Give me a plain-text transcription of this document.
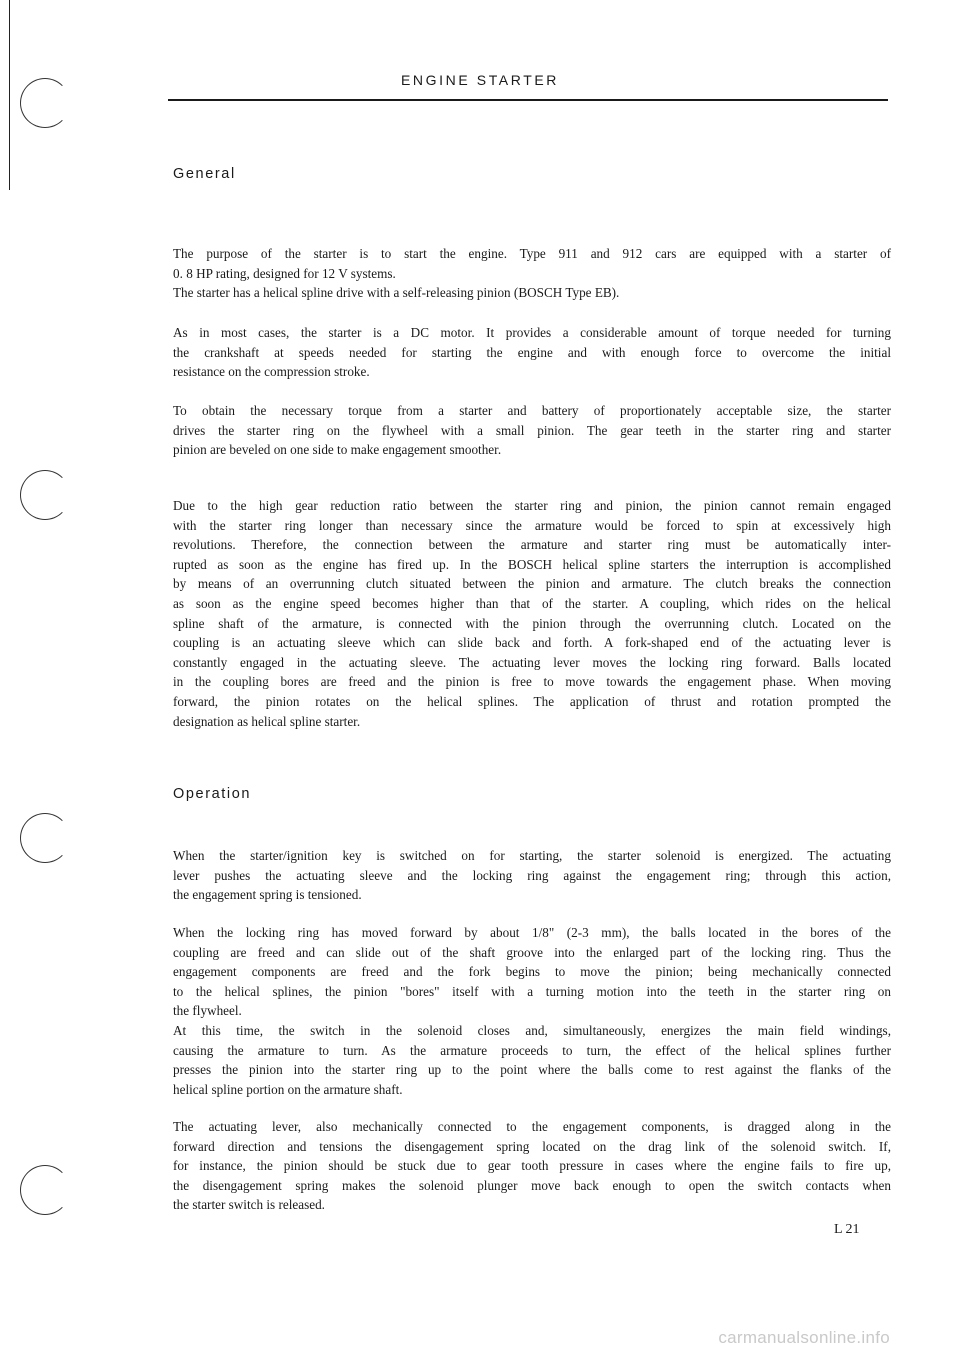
ENGINE STARTER
General
The purpose of the starter is to start the engine. Type 911 and 912 cars are equipped with a starter of
0. 8 HP rating, designed for 12 V systems.
The starter has a helical spline drive with a self-releasing pinion (BOSCH Type EB).
As in most cases, the starter is a DC motor. It provides a considerable amount of torque needed for turning
the crankshaft at speeds needed for starting the engine and with enough force to overcome the initial
resistance on the compression stroke.
To obtain the necessary torque from a starter and battery of proportionately acceptable size, the starter
drives the starter ring on the flywheel with a small pinion. The gear teeth in the starter ring and starter
pinion are beveled on one side to make engagement smoother.
Due to the high gear reduction ratio between the starter ring and pinion, the pinion cannot remain engaged
with the starter ring longer than necessary since the armature would be forced to spin at excessively high
revolutions. Therefore, the connection between the armature and starter ring must be automatically inter-
rupted as soon as the engine has fired up. In the BOSCH helical spline starters the interruption is accomplished
by means of an overrunning clutch situated between the pinion and armature. The clutch breaks the connection
as soon as the engine speed becomes higher than that of the starter. A coupling, which rides on the helical
spline shaft of the armature, is connected with the pinion through the overrunning clutch. Located on the
coupling is an actuating sleeve which can slide back and forth. A fork-shaped end of the actuating lever is
constantly engaged in the actuating sleeve. The actuating lever moves the locking ring forward. Balls located
in the coupling bores are freed and the pinion is free to move towards the engagement phase. When moving
forward, the pinion rotates on the helical splines. The application of thrust and rotation prompted the
designation as helical spline starter.
Operation
When the starter/ignition key is switched on for starting, the starter solenoid is energized. The actuating
lever pushes the actuating sleeve and the locking ring against the engagement ring; through this action,
the engagement spring is tensioned.
When the locking ring has moved forward by about 1/8" (2-3 mm), the balls located in the bores of the
coupling are freed and can slide out of the shaft groove into the enlarged part of the locking ring. Thus the
engagement components are freed and the fork begins to move the pinion; being mechanically connected
to the helical splines, the pinion "bores" itself with a turning motion into the teeth in the starter ring on
the flywheel.
At this time, the switch in the solenoid closes and, simultaneously, energizes the main field windings,
causing the armature to turn. As the armature proceeds to turn, the effect of the helical splines further
presses the pinion into the starter ring up to the point where the balls come to rest against the flanks of the
helical spline portion on the armature shaft.
The actuating lever, also mechanically connected to the engagement components, is dragged along in the
forward direction and tensions the disengagement spring located on the drag link of the solenoid switch. If,
for instance, the pinion should be stuck due to gear tooth pressure in cases where the engine fails to fire up,
the disengagement spring makes the solenoid plunger move back enough to open the switch contacts when
the starter switch is released.
L 21
carmanualsonline.info
